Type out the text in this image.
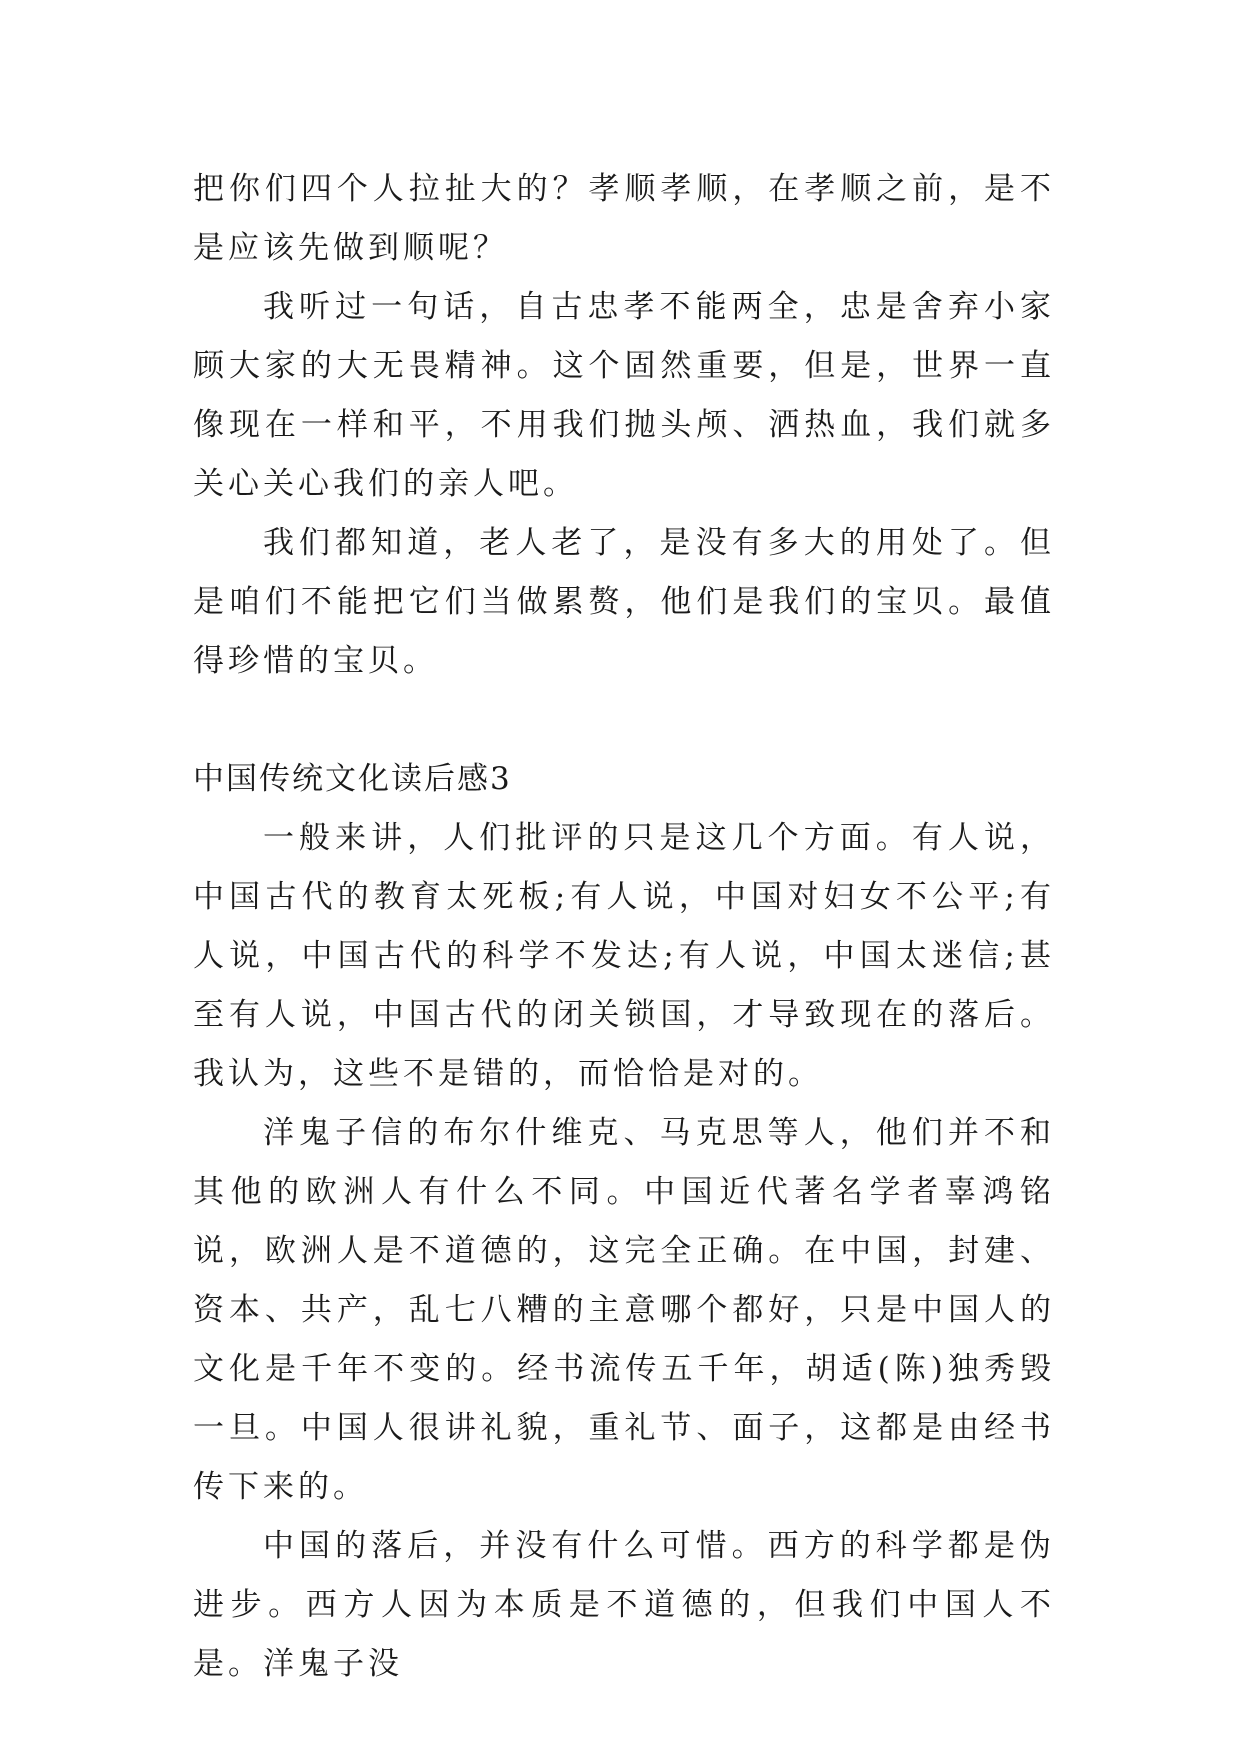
把你们四个人拉扯大的？孝顺孝顺，在孝顺之前，是不是应该先做到顺呢？

我听过一句话，自古忠孝不能两全，忠是舍弃小家顾大家的大无畏精神。这个固然重要，但是，世界一直像现在一样和平，不用我们抛头颅、洒热血，我们就多关心关心我们的亲人吧。

我们都知道，老人老了，是没有多大的用处了。但是咱们不能把它们当做累赘，他们是我们的宝贝。最值得珍惜的宝贝。

中国传统文化读后感3

一般来讲，人们批评的只是这几个方面。有人说，中国古代的教育太死板;有人说，中国对妇女不公平;有人说，中国古代的科学不发达;有人说，中国太迷信;甚至有人说，中国古代的闭关锁国，才导致现在的落后。我认为，这些不是错的，而恰恰是对的。

洋鬼子信的布尔什维克、马克思等人，他们并不和其他的欧洲人有什么不同。中国近代著名学者辜鸿铭说，欧洲人是不道德的，这完全正确。在中国，封建、资本、共产，乱七八糟的主意哪个都好，只是中国人的文化是千年不变的。经书流传五千年，胡适(陈)独秀毁一旦。中国人很讲礼貌，重礼节、面子，这都是由经书传下来的。

中国的落后，并没有什么可惜。西方的科学都是伪进步。西方人因为本质是不道德的，但我们中国人不是。洋鬼子没
